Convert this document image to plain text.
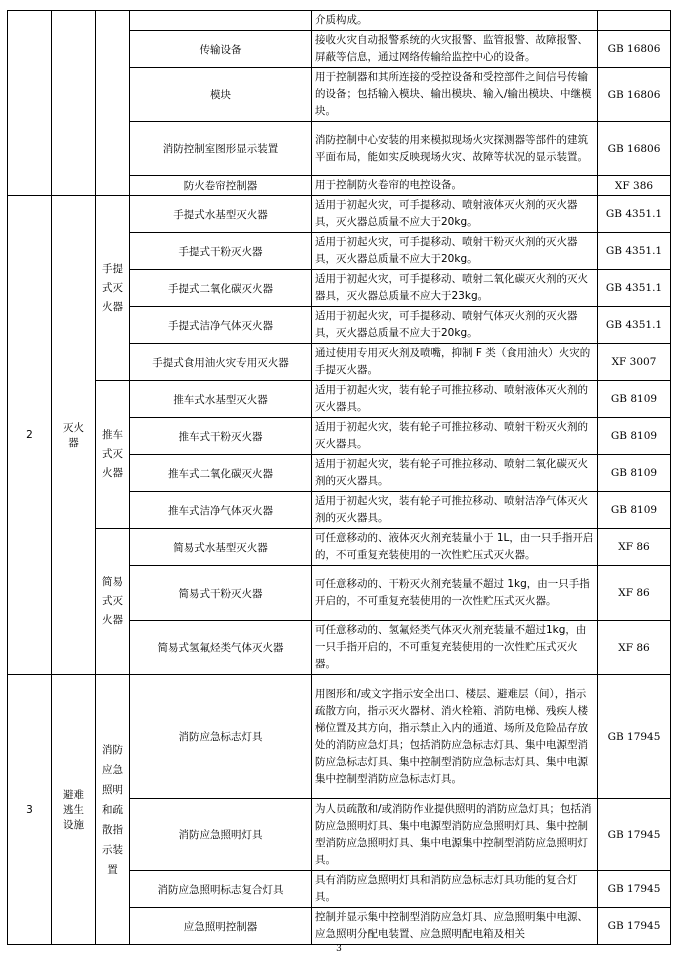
				介质构成。	
			传输设备	接收火灾自动报警系统的火灾报警、监管报警、故障报警、屏蔽等信息，通过网络传输给监控中心的设备。	GB 16806
			模块	用于控制器和其所连接的受控设备和受控部件之间信号传输的设备；包括输入模块、输出模块、输入/输出模块、中继模块。	GB 16806
			消防控制室图形显示装置	消防控制中心安装的用来模拟现场火灾探测器等部件的建筑平面布局，能如实反映现场火灾、故障等状况的显示装置。	GB 16806
			防火卷帘控制器	用于控制防火卷帘的电控设备。	XF 386
2	灭火器	手提式灭火器	手提式水基型灭火器	适用于初起火灾，可手提移动、喷射液体灭火剂的灭火器具，灭火器总质量不应大于20kg。	GB 4351.1
			手提式干粉灭火器	适用于初起火灾，可手提移动、喷射干粉灭火剂的灭火器具，灭火器总质量不应大于20kg。	GB 4351.1
			手提式二氧化碳灭火器	适用于初起火灾，可手提移动、喷射二氧化碳灭火剂的灭火器具，灭火器总质量不应大于23kg。	GB 4351.1
			手提式洁净气体灭火器	适用于初起火灾，可手提移动、喷射气体灭火剂的灭火器具，灭火器总质量不应大于20kg。	GB 4351.1
			手提式食用油火灾专用灭火器	通过使用专用灭火剂及喷嘴，抑制 F 类（食用油火）火灾的手提灭火器。	XF 3007
		推车式灭火器	推车式水基型灭火器	适用于初起火灾，装有轮子可推拉移动、喷射液体灭火剂的灭火器具。	GB 8109
			推车式干粉灭火器	适用于初起火灾，装有轮子可推拉移动、喷射干粉灭火剂的灭火器具。	GB 8109
			推车式二氧化碳灭火器	适用于初起火灾，装有轮子可推拉移动、喷射二氧化碳灭火剂的灭火器具。	GB 8109
			推车式洁净气体灭火器	适用于初起火灾，装有轮子可推拉移动、喷射洁净气体灭火剂的灭火器具。	GB 8109
		简易式灭火器	简易式水基型灭火器	可任意移动的、液体灭火剂充装量小于 1L，由一只手指开启的，不可重复充装使用的一次性贮压式灭火器。	XF 86
			简易式干粉灭火器	可任意移动的、干粉灭火剂充装量不超过 1kg，由一只手指开启的，不可重复充装使用的一次性贮压式灭火器。	XF 86
			简易式氢氟烃类气体灭火器	可任意移动的、氢氟烃类气体灭火剂充装量不超过1kg，由一只手指开启的，不可重复充装使用的一次性贮压式灭火器。	XF 86
3	避难逃生设施	消防应急照明和疏散指示装置	消防应急标志灯具	用图形和/或文字指示安全出口、楼层、避难层（间），指示疏散方向，指示灭火器材、消火栓箱、消防电梯、残疾人楼梯位置及其方向，指示禁止入内的通道、场所及危险品存放处的消防应急灯具；包括消防应急标志灯具、集中电源型消防应急标志灯具、集中控制型消防应急标志灯具、集中电源集中控制型消防应急标志灯具。	GB 17945
			消防应急照明灯具	为人员疏散和/或消防作业提供照明的消防应急灯具；包括消防应急照明灯具、集中电源型消防应急照明灯具、集中控制型消防应急照明灯具、集中电源集中控制型消防应急照明灯具。	GB 17945
			消防应急照明标志复合灯具	具有消防应急照明灯具和消防应急标志灯具功能的复合灯具。	GB 17945
			应急照明控制器	控制并显示集中控制型消防应急灯具、应急照明集中电源、应急照明分配电装置、应急照明配电箱及相关	GB 17945
3
